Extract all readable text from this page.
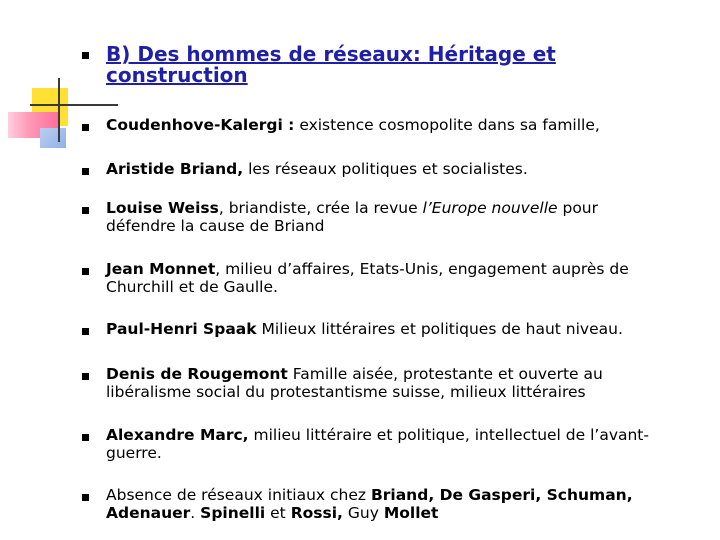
B) Des hommes de réseaux: Héritage et construction
Coudenhove-Kalergi : existence cosmopolite dans sa famille,
Aristide Briand, les réseaux politiques et socialistes.
Louise Weiss, briandiste, crée la revue l’Europe nouvelle pour défendre la cause de Briand
Jean Monnet, milieu d’affaires, Etats-Unis, engagement auprès de Churchill et de Gaulle.
Paul-Henri Spaak Milieux littéraires et politiques de haut niveau.
Denis de Rougemont Famille aisée, protestante et ouverte au libéralisme social du protestantisme suisse, milieux littéraires
Alexandre Marc, milieu littéraire et politique, intellectuel de l’avant-guerre.
Absence de réseaux initiaux chez Briand, De Gasperi, Schuman, Adenauer. Spinelli et Rossi, Guy Mollet
